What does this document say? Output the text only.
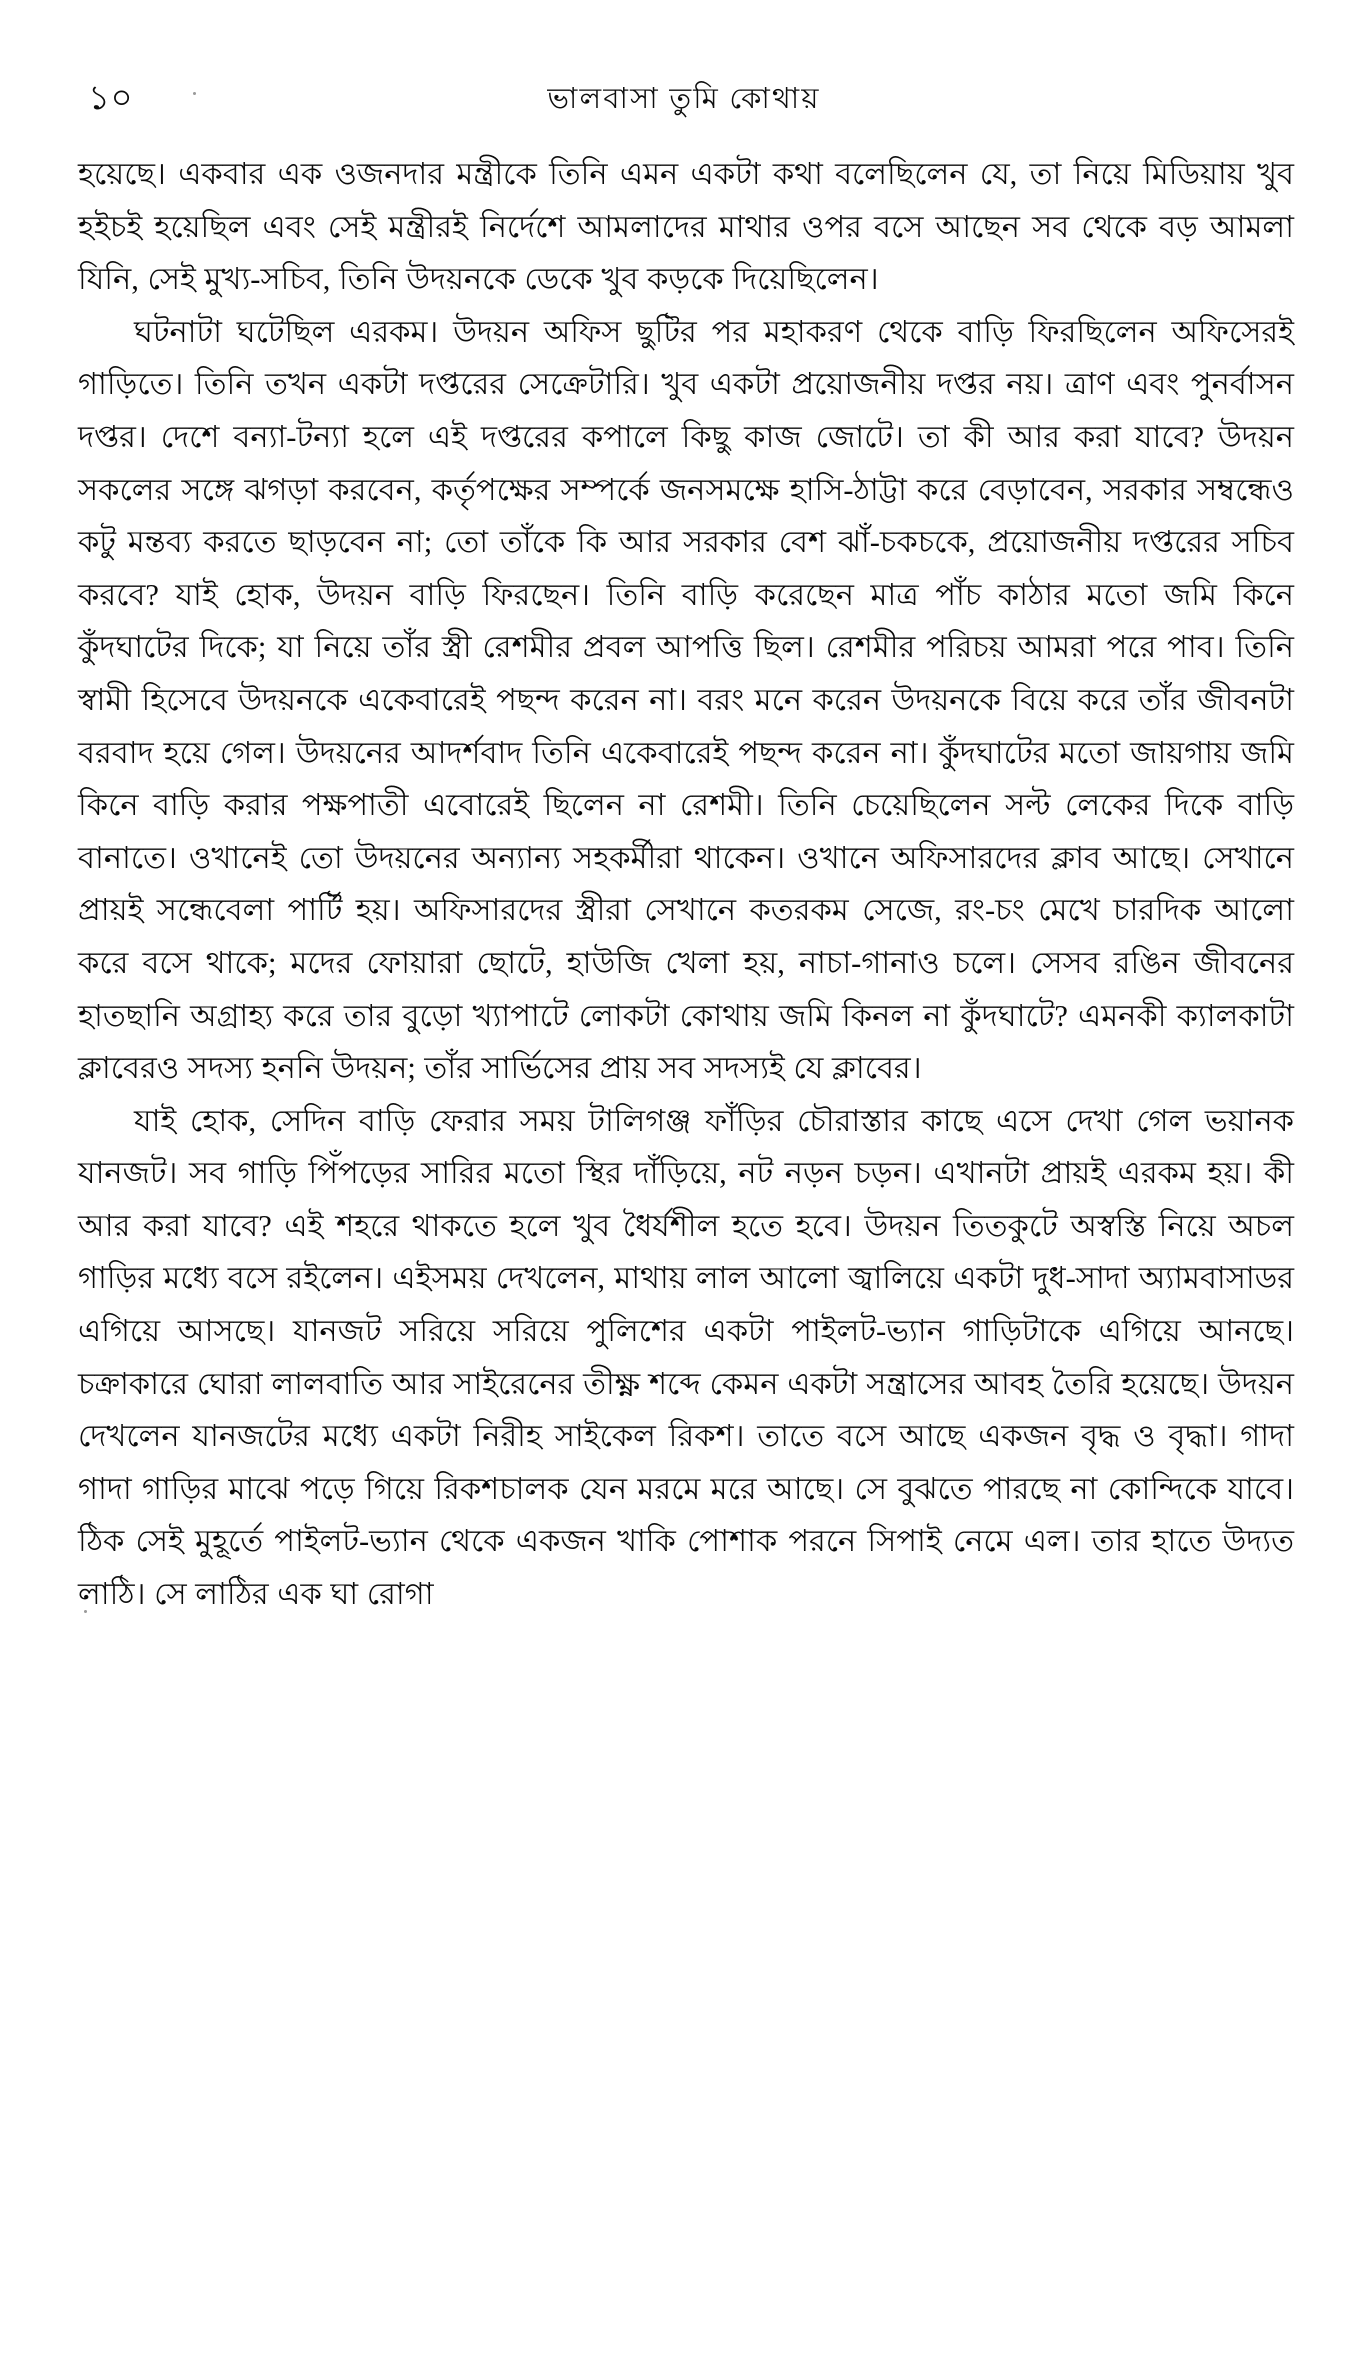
১০	ভালবাসা তুমি কোথায়

হয়েছে। একবার এক ওজনদার মন্ত্রীকে তিনি এমন একটা কথা বলেছিলেন যে, তা নিয়ে মিডিয়ায় খুব হইচই হয়েছিল এবং সেই মন্ত্রীরই নির্দেশে আমলাদের মাথার ওপর বসে আছেন সব থেকে বড় আমলা যিনি, সেই মুখ্য-সচিব, তিনি উদয়নকে ডেকে খুব কড়কে দিয়েছিলেন।

ঘটনাটা ঘটেছিল এরকম। উদয়ন অফিস ছুটির পর মহাকরণ থেকে বাড়ি ফিরছিলেন অফিসেরই গাড়িতে। তিনি তখন একটা দপ্তরের সেক্রেটারি। খুব একটা প্রয়োজনীয় দপ্তর নয়। ত্রাণ এবং পুনর্বাসন দপ্তর। দেশে বন্যা-টন্যা হলে এই দপ্তরের কপালে কিছু কাজ জোটে। তা কী আর করা যাবে? উদয়ন সকলের সঙ্গে ঝগড়া করবেন, কর্তৃপক্ষের সম্পর্কে জনসমক্ষে হাসি-ঠাট্টা করে বেড়াবেন, সরকার সম্বন্ধেও কটু মন্তব্য করতে ছাড়বেন না; তো তাঁকে কি আর সরকার বেশ ঝাঁ-চকচকে, প্রয়োজনীয় দপ্তরের সচিব করবে? যাই হোক, উদয়ন বাড়ি ফিরছেন। তিনি বাড়ি করেছেন মাত্র পাঁচ কাঠার মতো জমি কিনে কুঁদঘাটের দিকে; যা নিয়ে তাঁর স্ত্রী রেশমীর প্রবল আপত্তি ছিল। রেশমীর পরিচয় আমরা পরে পাব। তিনি স্বামী হিসেবে উদয়নকে একেবারেই পছন্দ করেন না। বরং মনে করেন উদয়নকে বিয়ে করে তাঁর জীবনটা বরবাদ হয়ে গেল। উদয়নের আদর্শবাদ তিনি একেবারেই পছন্দ করেন না। কুঁদঘাটের মতো জায়গায় জমি কিনে বাড়ি করার পক্ষপাতী এবোরেই ছিলেন না রেশমী। তিনি চেয়েছিলেন সল্ট লেকের দিকে বাড়ি বানাতে। ওখানেই তো উদয়নের অন্যান্য সহকর্মীরা থাকেন। ওখানে অফিসারদের ক্লাব আছে। সেখানে প্রায়ই সন্ধেবেলা পার্টি হয়। অফিসারদের স্ত্রীরা সেখানে কতরকম সেজে, রং-চং মেখে চারদিক আলো করে বসে থাকে; মদের ফোয়ারা ছোটে, হাউজি খেলা হয়, নাচা-গানাও চলে। সেসব রঙিন জীবনের হাতছানি অগ্রাহ্য করে তার বুড়ো খ্যাপাটে লোকটা কোথায় জমি কিনল না কুঁদঘাটে? এমনকী ক্যালকাটা ক্লাবেরও সদস্য হননি উদয়ন; তাঁর সার্ভিসের প্রায় সব সদস্যই যে ক্লাবের।

যাই হোক, সেদিন বাড়ি ফেরার সময় টালিগঞ্জ ফাঁড়ির চৌরাস্তার কাছে এসে দেখা গেল ভয়ানক যানজট। সব গাড়ি পিঁপড়ের সারির মতো স্থির দাঁড়িয়ে, নট নড়ন চড়ন। এখানটা প্রায়ই এরকম হয়। কী আর করা যাবে? এই শহরে থাকতে হলে খুব ধৈর্যশীল হতে হবে। উদয়ন তিতকুটে অস্বস্তি নিয়ে অচল গাড়ির মধ্যে বসে রইলেন। এইসময় দেখলেন, মাথায় লাল আলো জ্বালিয়ে একটা দুধ-সাদা অ্যামবাসাডর এগিয়ে আসছে। যানজট সরিয়ে সরিয়ে পুলিশের একটা পাইলট-ভ্যান গাড়িটাকে এগিয়ে আনছে। চক্রাকারে ঘোরা লালবাতি আর সাইরেনের তীক্ষ্ণ শব্দে কেমন একটা সন্ত্রাসের আবহ তৈরি হয়েছে। উদয়ন দেখলেন যানজটের মধ্যে একটা নিরীহ সাইকেল রিকশ। তাতে বসে আছে একজন বৃদ্ধ ও বৃদ্ধা। গাদা গাদা গাড়ির মাঝে পড়ে গিয়ে রিকশচালক যেন মরমে মরে আছে। সে বুঝতে পারছে না কোন্দিকে যাবে। ঠিক সেই মুহূর্তে পাইলট-ভ্যান থেকে একজন খাকি পোশাক পরনে সিপাই নেমে এল। তার হাতে উদ্যত লাঠি। সে লাঠির এক ঘা রোগা
